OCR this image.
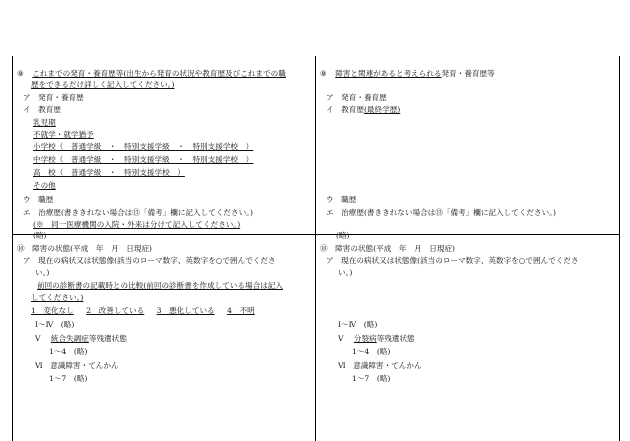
⑨ これまでの発育・養育歴等(出生から発育の状況や教育歴及びこれまでの職
歴をできるだけ詳しく記入してください。)
ア　発育・養育歴
イ　教育歴
乳児期
不就学・就学猶予
小学校（　普通学級　・　特別支援学級　・　特別支援学校　）
中学校（　普通学級　・　特別支援学級　・　特別支援学校　）
高　校（　普通学級　・　特別支援学校　）
その他
ウ　職歴
エ　治療歴(書ききれない場合は⑬「備考」欄に記入してください。)
(※　同一医療機関の入院・外来は分けて記入してください。)
(略)
⑩　障害の状態(平成　年　月　日現症)
ア　現在の病状又は状態像(該当のローマ数字、英数字を○で囲んでくださ
い。)
前回の診断書の記載時との比較(前回の診断書を作成している場合は記入
してください。)
1　変化なし 2　改善している 3　悪化している 4　不明
Ⅰ～Ⅳ　(略)
Ⅴ 統合失調症等残遺状態
1～4　(略)
Ⅵ　意識障害・てんかん
1～7　(略)
⑨ 障害と関連があると考えられる発育・養育歴等
ア　発育・養育歴
イ　教育歴(最終学歴)
ウ　職歴
エ　治療歴(書ききれない場合は⑬「備考」欄に記入してください。)
(略)
⑩　障害の状態(平成　年　月　日現症)
ア　現在の病状又は状態像(該当のローマ数字、英数字を○で囲んでくださ
い。)
Ⅰ～Ⅳ　(略)
Ⅴ 分裂病等残遺状態
1～4　(略)
Ⅵ　意識障害・てんかん
1～7　(略)
